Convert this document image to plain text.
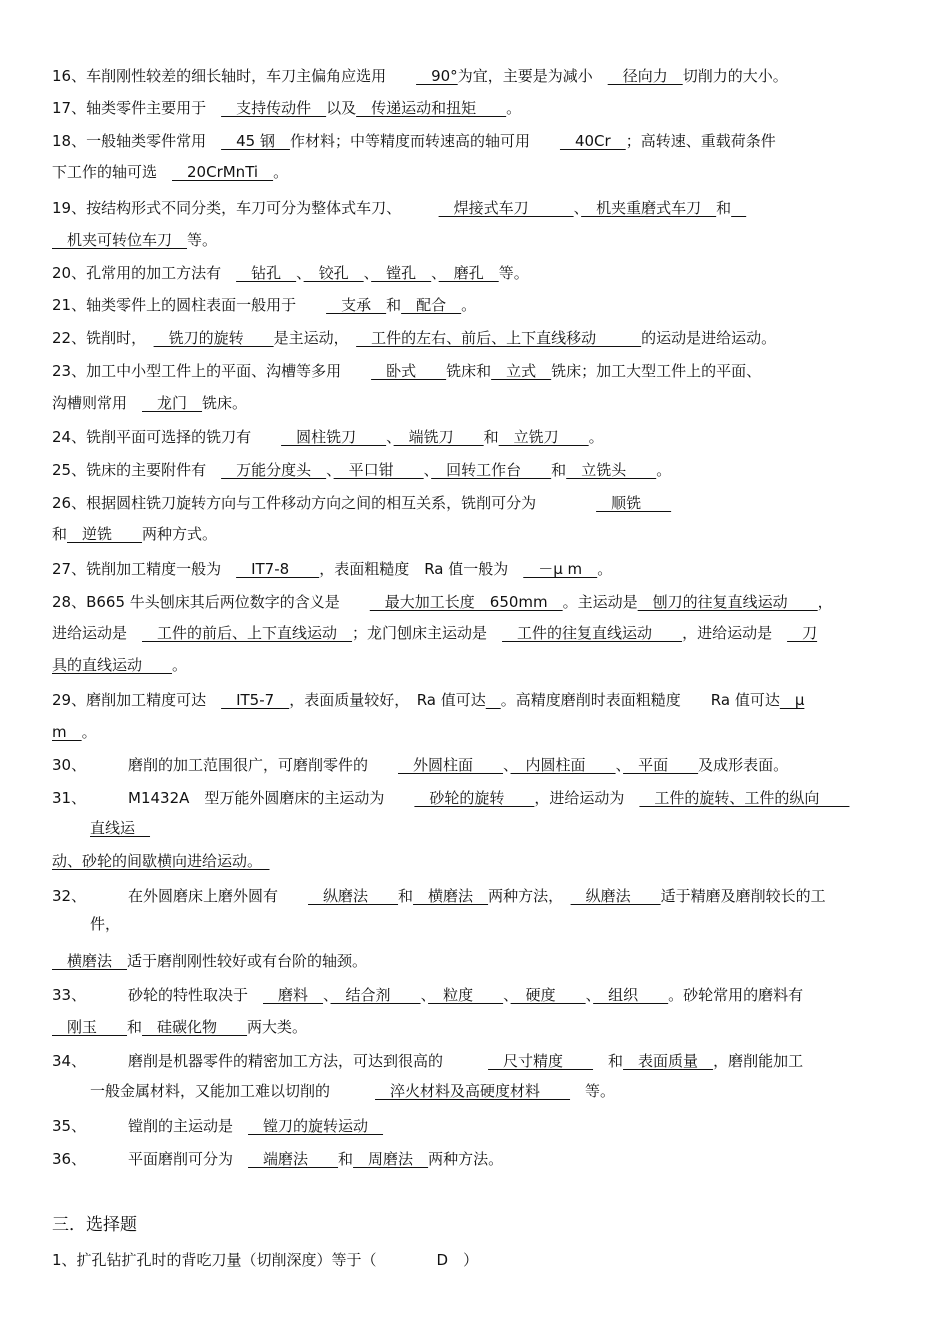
16、车削刚性较差的细长轴时，车刀主偏角应选用　　　90°为宜，主要是为减小　　径向力　切削力的大小。
17、轴类零件主要用于　　支持传动件　以及　传递运动和扭矩　　。
18、一般轴类零件常用　　45 钢　作材料；中等精度而转速高的轴可用　　　40Cr　；高转速、重载荷条件
下工作的轴可选　　20CrMnTi　。
19、按结构形式不同分类，车刀可分为整体式车刀、　　　　焊接式车刀　　　、　机夹重磨式车刀　和　
　机夹可转位车刀　等。
20、孔常用的加工方法有　　钻孔　、　铰孔　、　镗孔　、　磨孔　等。
21、轴类零件上的圆柱表面一般用于　　　支承　和　配合　。
22、铣削时，　　铣刀的旋转　　是主运动，　　工件的左右、前后、上下直线移动　　　的运动是进给运动。
23、加工中小型工件上的平面、沟槽等多用　　　卧式　　铣床和　立式　铣床；加工大型工件上的平面、
沟槽则常用　　龙门　铣床。
24、铣削平面可选择的铣刀有　　　圆柱铣刀　　、　端铣刀　　和　立铣刀　　。
25、铣床的主要附件有　　万能分度头　、　平口钳　　、　回转工作台　　和　立铣头　　。
26、根据圆柱铣刀旋转方向与工件移动方向之间的相互关系，铣削可分为　　　　　顺铣　　
和　逆铣　　两种方式。
27、铣削加工精度一般为　　IT7-8　　，表面粗糙度　Ra 值一般为　　－μ m　。
28、B665 牛头刨床其后两位数字的含义是　　　最大加工长度　650mm　。主运动是　刨刀的往复直线运动　　，
进给运动是　　工件的前后、上下直线运动　；龙门刨床主运动是　　工件的往复直线运动　　，进给运动是　　刀
具的直线运动　　。
29、磨削加工精度可达　　IT5-7　，表面质量较好，　Ra 值可达　 。高精度磨削时表面粗糙度　　Ra 值可达　μ
m　。
30、	磨削的加工范围很广，可磨削零件的　　　外圆柱面　　、　内圆柱面　　、　平面　　及成形表面。
31、	M1432A　型万能外圆磨床的主运动为　　　砂轮的旋转　　，进给运动为　　工件的旋转、工件的纵向　　
直线运　
动、砂轮的间歇横向进给运动。　
32、	在外圆磨床上磨外圆有　　　纵磨法　　和　横磨法　两种方法，　　纵磨法　　适于精磨及磨削较长的工
件，
　横磨法　适于磨削刚性较好或有台阶的轴颈。
33、	砂轮的特性取决于　　磨料　、　结合剂　　、　粒度　　、　硬度　　、　组织　　。砂轮常用的磨料有
　刚玉　　和　硅碳化物　　两大类。
34、	磨削是机器零件的精密加工方法，可达到很高的　　　　尺寸精度　　　和　表面质量　，磨削能加工
一般金属材料，又能加工难以切削的　　　　淬火材料及高硬度材料　　　等。
35、	镗削的主运动是　　镗刀的旋转运动　
36、	平面磨削可分为　　端磨法　　和　周磨法　两种方法。
三．选择题
1、扩孔钻扩孔时的背吃刀量（切削深度）等于（　　　　D　）
